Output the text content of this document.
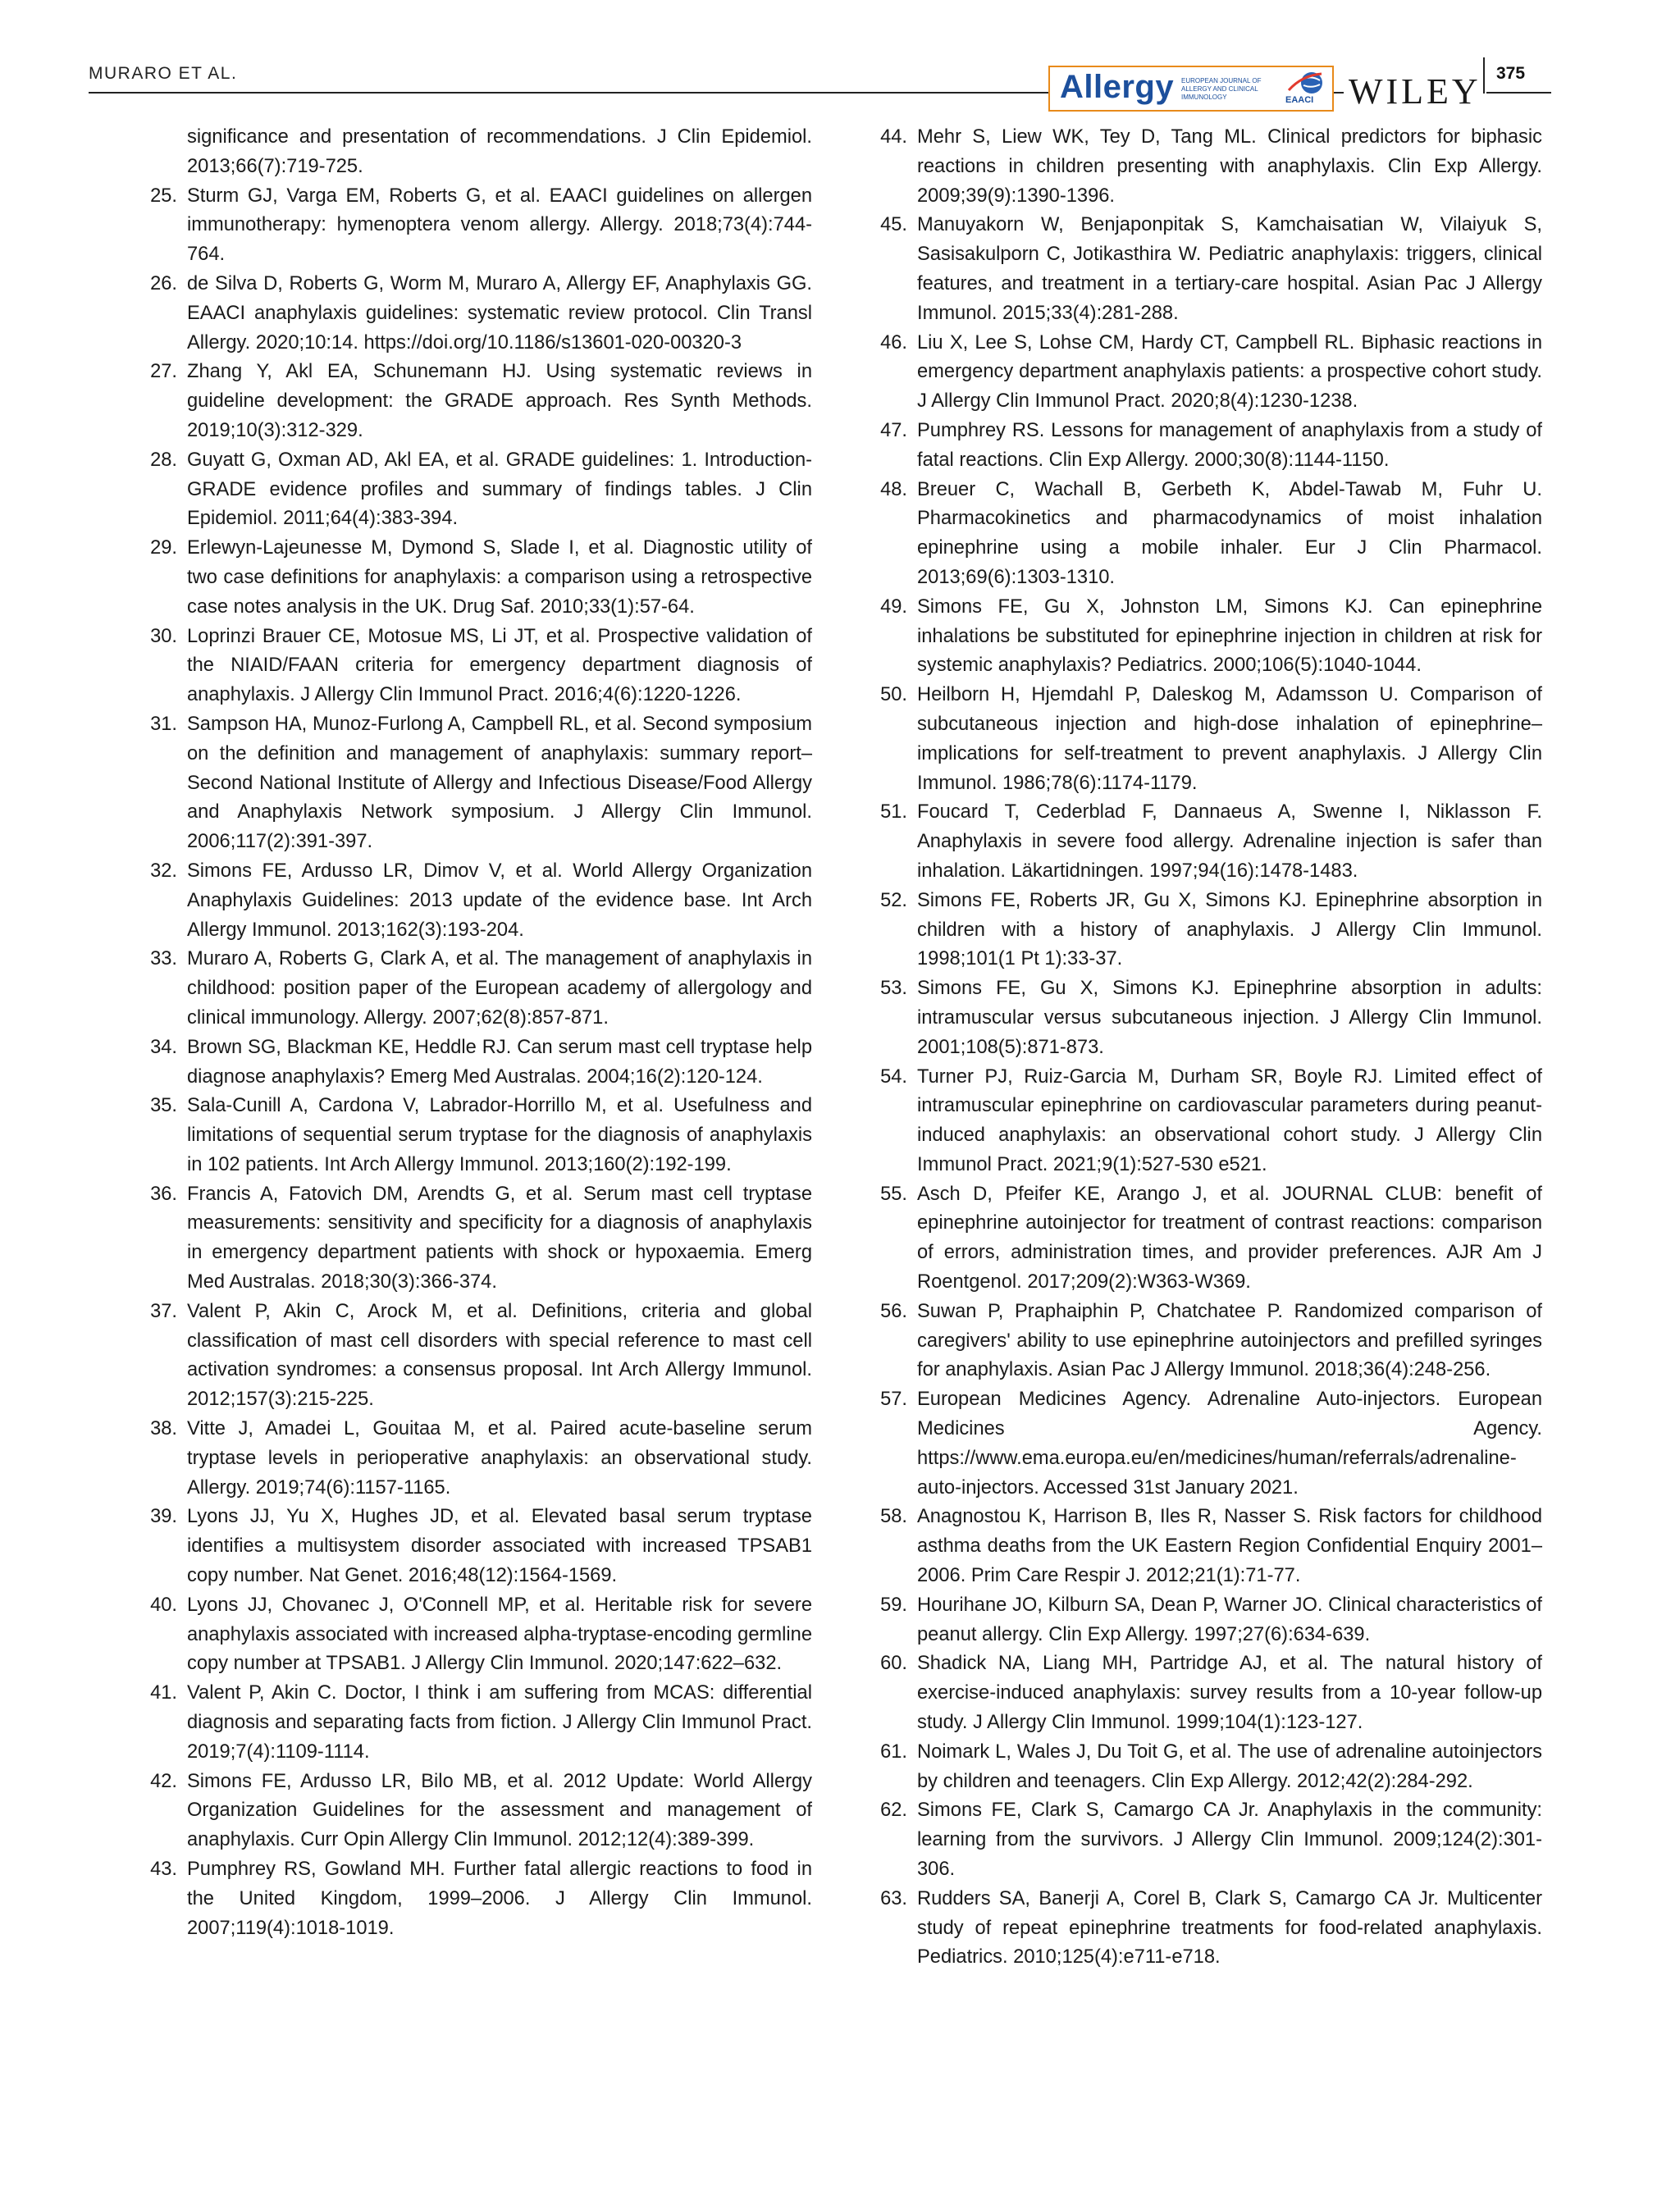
MURARO ET AL.	Allergy EUROPEAN JOURNAL OF ALLERGY AND CLINICAL IMMUNOLOGY	EAACI WILEY 375

significance and presentation of recommendations. J Clin Epidemiol. 2013;66(7):719-725.

25. Sturm GJ, Varga EM, Roberts G, et al. EAACI guidelines on allergen immunotherapy: hymenoptera venom allergy. Allergy. 2018;73(4):744-764.

26. de Silva D, Roberts G, Worm M, Muraro A, Allergy EF, Anaphylaxis GG. EAACI anaphylaxis guidelines: systematic review protocol. Clin Transl Allergy. 2020;10:14. https://doi.org/10.1186/s13601-020-00320-3

27. Zhang Y, Akl EA, Schunemann HJ. Using systematic reviews in guideline development: the GRADE approach. Res Synth Methods. 2019;10(3):312-329.

28. Guyatt G, Oxman AD, Akl EA, et al. GRADE guidelines: 1. Introduction-GRADE evidence profiles and summary of findings tables. J Clin Epidemiol. 2011;64(4):383-394.

29. Erlewyn-Lajeunesse M, Dymond S, Slade I, et al. Diagnostic utility of two case definitions for anaphylaxis: a comparison using a retrospective case notes analysis in the UK. Drug Saf. 2010;33(1):57-64.

30. Loprinzi Brauer CE, Motosue MS, Li JT, et al. Prospective validation of the NIAID/FAAN criteria for emergency department diagnosis of anaphylaxis. J Allergy Clin Immunol Pract. 2016;4(6):1220-1226.

31. Sampson HA, Munoz-Furlong A, Campbell RL, et al. Second symposium on the definition and management of anaphylaxis: summary report–Second National Institute of Allergy and Infectious Disease/Food Allergy and Anaphylaxis Network symposium. J Allergy Clin Immunol. 2006;117(2):391-397.

32. Simons FE, Ardusso LR, Dimov V, et al. World Allergy Organization Anaphylaxis Guidelines: 2013 update of the evidence base. Int Arch Allergy Immunol. 2013;162(3):193-204.

33. Muraro A, Roberts G, Clark A, et al. The management of anaphylaxis in childhood: position paper of the European academy of allergology and clinical immunology. Allergy. 2007;62(8):857-871.

34. Brown SG, Blackman KE, Heddle RJ. Can serum mast cell tryptase help diagnose anaphylaxis? Emerg Med Australas. 2004;16(2):120-124.

35. Sala-Cunill A, Cardona V, Labrador-Horrillo M, et al. Usefulness and limitations of sequential serum tryptase for the diagnosis of anaphylaxis in 102 patients. Int Arch Allergy Immunol. 2013;160(2):192-199.

36. Francis A, Fatovich DM, Arendts G, et al. Serum mast cell tryptase measurements: sensitivity and specificity for a diagnosis of anaphylaxis in emergency department patients with shock or hypoxaemia. Emerg Med Australas. 2018;30(3):366-374.

37. Valent P, Akin C, Arock M, et al. Definitions, criteria and global classification of mast cell disorders with special reference to mast cell activation syndromes: a consensus proposal. Int Arch Allergy Immunol. 2012;157(3):215-225.

38. Vitte J, Amadei L, Gouitaa M, et al. Paired acute-baseline serum tryptase levels in perioperative anaphylaxis: an observational study. Allergy. 2019;74(6):1157-1165.

39. Lyons JJ, Yu X, Hughes JD, et al. Elevated basal serum tryptase identifies a multisystem disorder associated with increased TPSAB1 copy number. Nat Genet. 2016;48(12):1564-1569.

40. Lyons JJ, Chovanec J, O'Connell MP, et al. Heritable risk for severe anaphylaxis associated with increased alpha-tryptase-encoding germline copy number at TPSAB1. J Allergy Clin Immunol. 2020;147:622–632.

41. Valent P, Akin C. Doctor, I think i am suffering from MCAS: differential diagnosis and separating facts from fiction. J Allergy Clin Immunol Pract. 2019;7(4):1109-1114.

42. Simons FE, Ardusso LR, Bilo MB, et al. 2012 Update: World Allergy Organization Guidelines for the assessment and management of anaphylaxis. Curr Opin Allergy Clin Immunol. 2012;12(4):389-399.

43. Pumphrey RS, Gowland MH. Further fatal allergic reactions to food in the United Kingdom, 1999–2006. J Allergy Clin Immunol. 2007;119(4):1018-1019.

44. Mehr S, Liew WK, Tey D, Tang ML. Clinical predictors for biphasic reactions in children presenting with anaphylaxis. Clin Exp Allergy. 2009;39(9):1390-1396.

45. Manuyakorn W, Benjaponpitak S, Kamchaisatian W, Vilaiyuk S, Sasisakulporn C, Jotikasthira W. Pediatric anaphylaxis: triggers, clinical features, and treatment in a tertiary-care hospital. Asian Pac J Allergy Immunol. 2015;33(4):281-288.

46. Liu X, Lee S, Lohse CM, Hardy CT, Campbell RL. Biphasic reactions in emergency department anaphylaxis patients: a prospective cohort study. J Allergy Clin Immunol Pract. 2020;8(4):1230-1238.

47. Pumphrey RS. Lessons for management of anaphylaxis from a study of fatal reactions. Clin Exp Allergy. 2000;30(8):1144-1150.

48. Breuer C, Wachall B, Gerbeth K, Abdel-Tawab M, Fuhr U. Pharmacokinetics and pharmacodynamics of moist inhalation epinephrine using a mobile inhaler. Eur J Clin Pharmacol. 2013;69(6):1303-1310.

49. Simons FE, Gu X, Johnston LM, Simons KJ. Can epinephrine inhalations be substituted for epinephrine injection in children at risk for systemic anaphylaxis? Pediatrics. 2000;106(5):1040-1044.

50. Heilborn H, Hjemdahl P, Daleskog M, Adamsson U. Comparison of subcutaneous injection and high-dose inhalation of epinephrine–implications for self-treatment to prevent anaphylaxis. J Allergy Clin Immunol. 1986;78(6):1174-1179.

51. Foucard T, Cederblad F, Dannaeus A, Swenne I, Niklasson F. Anaphylaxis in severe food allergy. Adrenaline injection is safer than inhalation. Läkartidningen. 1997;94(16):1478-1483.

52. Simons FE, Roberts JR, Gu X, Simons KJ. Epinephrine absorption in children with a history of anaphylaxis. J Allergy Clin Immunol. 1998;101(1 Pt 1):33-37.

53. Simons FE, Gu X, Simons KJ. Epinephrine absorption in adults: intramuscular versus subcutaneous injection. J Allergy Clin Immunol. 2001;108(5):871-873.

54. Turner PJ, Ruiz-Garcia M, Durham SR, Boyle RJ. Limited effect of intramuscular epinephrine on cardiovascular parameters during peanut-induced anaphylaxis: an observational cohort study. J Allergy Clin Immunol Pract. 2021;9(1):527-530 e521.

55. Asch D, Pfeifer KE, Arango J, et al. JOURNAL CLUB: benefit of epinephrine autoinjector for treatment of contrast reactions: comparison of errors, administration times, and provider preferences. AJR Am J Roentgenol. 2017;209(2):W363-W369.

56. Suwan P, Praphaiphin P, Chatchatee P. Randomized comparison of caregivers' ability to use epinephrine autoinjectors and prefilled syringes for anaphylaxis. Asian Pac J Allergy Immunol. 2018;36(4):248-256.

57. European Medicines Agency. Adrenaline Auto-injectors. European Medicines Agency. https://www.ema.europa.eu/en/medicines/human/referrals/adrenaline-auto-injectors. Accessed 31st January 2021.

58. Anagnostou K, Harrison B, Iles R, Nasser S. Risk factors for childhood asthma deaths from the UK Eastern Region Confidential Enquiry 2001–2006. Prim Care Respir J. 2012;21(1):71-77.

59. Hourihane JO, Kilburn SA, Dean P, Warner JO. Clinical characteristics of peanut allergy. Clin Exp Allergy. 1997;27(6):634-639.

60. Shadick NA, Liang MH, Partridge AJ, et al. The natural history of exercise-induced anaphylaxis: survey results from a 10-year follow-up study. J Allergy Clin Immunol. 1999;104(1):123-127.

61. Noimark L, Wales J, Du Toit G, et al. The use of adrenaline autoinjectors by children and teenagers. Clin Exp Allergy. 2012;42(2):284-292.

62. Simons FE, Clark S, Camargo CA Jr. Anaphylaxis in the community: learning from the survivors. J Allergy Clin Immunol. 2009;124(2):301-306.

63. Rudders SA, Banerji A, Corel B, Clark S, Camargo CA Jr. Multicenter study of repeat epinephrine treatments for food-related anaphylaxis. Pediatrics. 2010;125(4):e711-e718.
